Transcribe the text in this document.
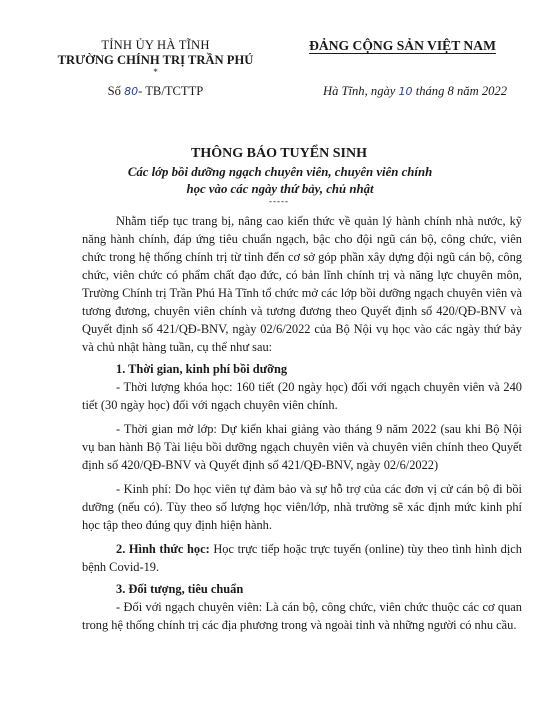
TỈNH ỦY HÀ TĨNH
TRƯỜNG CHÍNH TRỊ TRẦN PHÚ
*
Số 80- TB/TCTTP
ĐẢNG CỘNG SẢN VIỆT NAM
Hà Tĩnh, ngày 10 tháng 8 năm 2022
THÔNG BÁO TUYỂN SINH
Các lớp bồi dưỡng ngạch chuyên viên, chuyên viên chính
học vào các ngày thứ bảy, chủ nhật
-----

Nhằm tiếp tục trang bị, nâng cao kiến thức về quản lý hành chính nhà nước, kỹ năng hành chính, đáp ứng tiêu chuẩn ngạch, bậc cho đội ngũ cán bộ, công chức, viên chức trong hệ thống chính trị từ tỉnh đến cơ sở góp phần xây dựng đội ngũ cán bộ, công chức, viên chức có phẩm chất đạo đức, có bản lĩnh chính trị và năng lực chuyên môn, Trường Chính trị Trần Phú Hà Tĩnh tổ chức mở các lớp bồi dưỡng ngạch chuyên viên và tương đương, chuyên viên chính và tương đương theo Quyết định số 420/QĐ-BNV và Quyết định số 421/QĐ-BNV, ngày 02/6/2022 của Bộ Nội vụ học vào các ngày thứ bảy và chủ nhật hàng tuần, cụ thể như sau:

1. Thời gian, kinh phí bồi dưỡng

- Thời lượng khóa học: 160 tiết (20 ngày học) đối với ngạch chuyên viên và 240 tiết (30 ngày học) đối với ngạch chuyên viên chính.

- Thời gian mở lớp: Dự kiến khai giảng vào tháng 9 năm 2022 (sau khi Bộ Nội vụ ban hành Bộ Tài liệu bồi dưỡng ngạch chuyên viên và chuyên viên chính theo Quyết định số 420/QĐ-BNV và Quyết định số 421/QĐ-BNV, ngày 02/6/2022)

- Kinh phí: Do học viên tự đảm bảo và sự hỗ trợ của các đơn vị cử cán bộ đi bồi dưỡng (nếu có). Tùy theo số lượng học viên/lớp, nhà trường sẽ xác định mức kinh phí học tập theo đúng quy định hiện hành.

2. Hình thức học: Học trực tiếp hoặc trực tuyến (online) tùy theo tình hình dịch bệnh Covid-19.

3. Đối tượng, tiêu chuẩn

- Đối với ngạch chuyên viên: Là cán bộ, công chức, viên chức thuộc các cơ quan trong hệ thống chính trị các địa phương trong và ngoài tỉnh và những người có nhu cầu.
